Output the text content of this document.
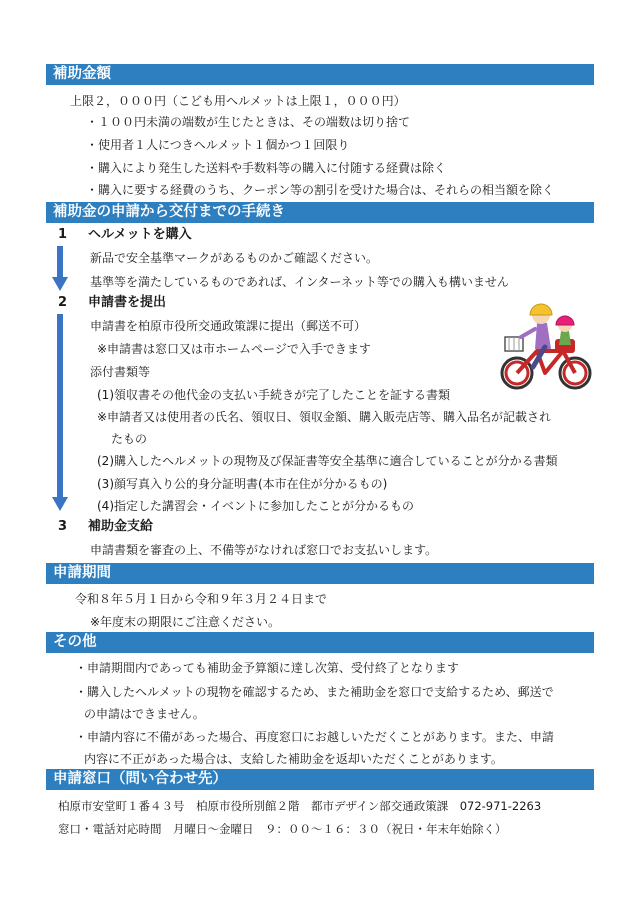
補助金額
上限２，０００円（こども用ヘルメットは上限１，０００円）
・１００円未満の端数が生じたときは、その端数は切り捨て
・使用者１人につきヘルメット１個かつ１回限り
・購入により発生した送料や手数料等の購入に付随する経費は除く
・購入に要する経費のうち、クーポン等の割引を受けた場合は、それらの相当額を除く
補助金の申請から交付までの手続き
1 ヘルメットを購入
新品で安全基準マークがあるものかご確認ください。
基準等を満たしているものであれば、インターネット等での購入も構いません
2 申請書を提出
申請書を柏原市役所交通政策課に提出（郵送不可）
※申請書は窓口又は市ホームページで入手できます
添付書類等
(1)領収書その他代金の支払い手続きが完了したことを証する書類
※申請者又は使用者の氏名、領収日、領収金額、購入販売店等、購入品名が記載され
たもの
(2)購入したヘルメットの現物及び保証書等安全基準に適合していることが分かる書類
(3)顔写真入り公的身分証明書(本市在住が分かるもの)
(4)指定した講習会・イベントに参加したことが分かるもの
3 補助金支給
申請書類を審査の上、不備等がなければ窓口でお支払いします。
申請期間
令和８年５月１日から令和９年３月２４日まで
※年度末の期限にご注意ください。
その他
・申請期間内であっても補助金予算額に達し次第、受付終了となります
・購入したヘルメットの現物を確認するため、また補助金を窓口で支給するため、郵送で
の申請はできません。
・申請内容に不備があった場合、再度窓口にお越しいただくことがあります。また、申請
内容に不正があった場合は、支給した補助金を返却いただくことがあります。
申請窓口（問い合わせ先）
柏原市安堂町１番４３号　柏原市役所別館２階　都市デザイン部交通政策課　072-971-2263
窓口・電話対応時間　月曜日～金曜日　９：００～１６：３０（祝日・年末年始除く）
